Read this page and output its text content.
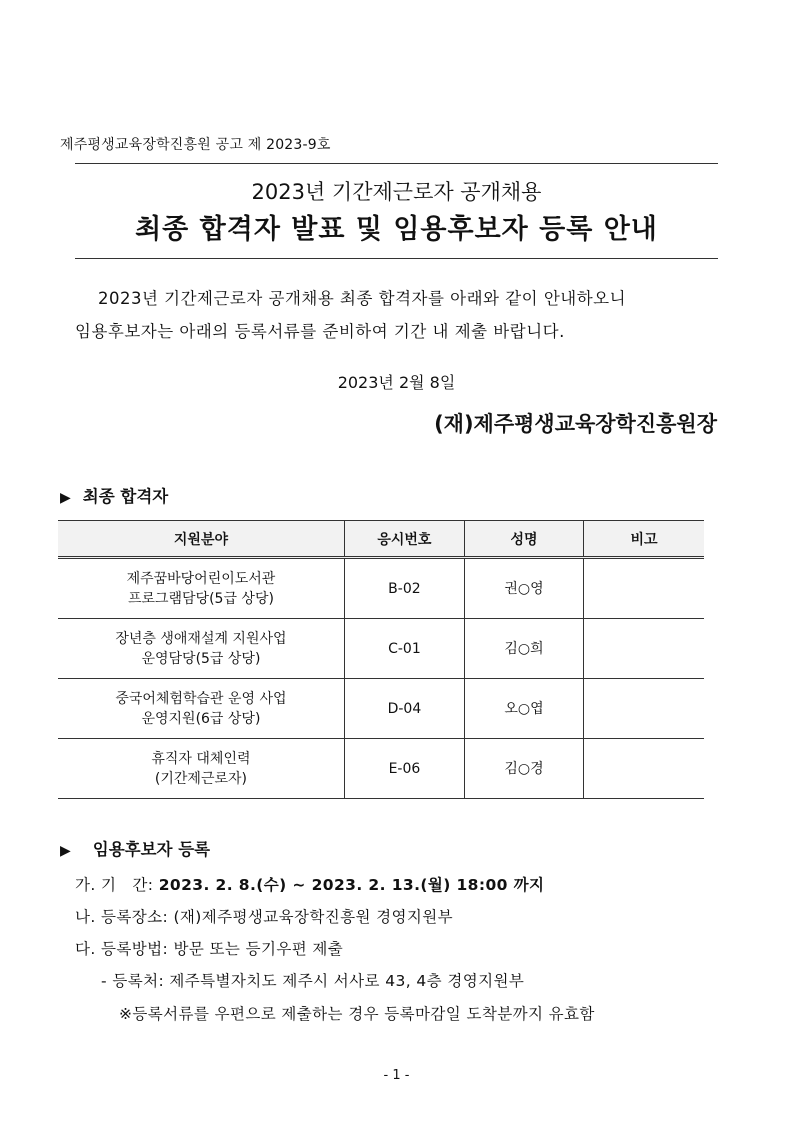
제주평생교육장학진흥원 공고 제 2023-9호
2023년 기간제근로자 공개채용
최종 합격자 발표 및 임용후보자 등록 안내
2023년 기간제근로자 공개채용 최종 합격자를 아래와 같이 안내하오니
임용후보자는 아래의 등록서류를 준비하여 기간 내 제출 바랍니다.
2023년 2월 8일
(재)제주평생교육장학진흥원장
▶ 최종 합격자
지원분야	응시번호	성명	비고

제주꿈바당어린이도서관
프로그램담당(5급 상당)	B-02	권○영	

장년층 생애재설계 지원사업
운영담당(5급 상당)	C-01	김○희	

중국어체험학습관 운영 사업
운영지원(6급 상당)	D-04	오○엽	

휴직자 대체인력
(기간제근로자)	E-06	김○경	
▶ 임용후보자 등록
가. 기   간: 2023. 2. 8.(수) ~ 2023. 2. 13.(월) 18:00 까지
나. 등록장소: (재)제주평생교육장학진흥원 경영지원부
다. 등록방법: 방문 또는 등기우편 제출
- 등록처: 제주특별자치도 제주시 서사로 43, 4층 경영지원부
※등록서류를 우편으로 제출하는 경우 등록마감일 도착분까지 유효함
- 1 -
